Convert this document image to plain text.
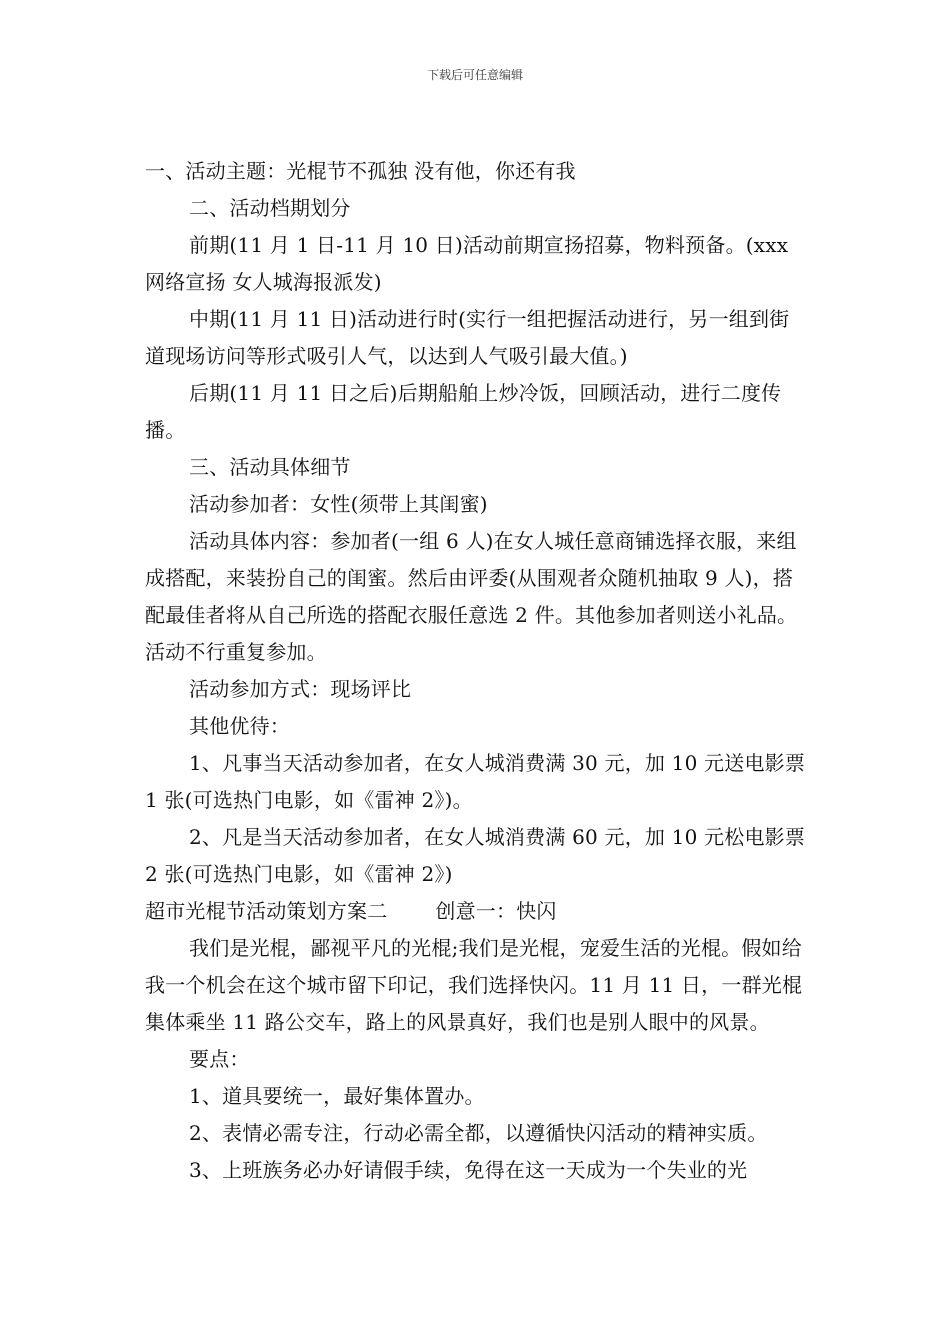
下载后可任意编辑

一、活动主题：光棍节不孤独 没有他，你还有我

二、活动档期划分

前期(11 月 1 日-11 月 10 日)活动前期宣扬招募，物料预备。(xxx 网络宣扬 女人城海报派发)

中期(11 月 11 日)活动进行时(实行一组把握活动进行，另一组到街道现场访问等形式吸引人气，以达到人气吸引最大值。)

后期(11 月 11 日之后)后期船舶上炒冷饭，回顾活动，进行二度传播。

三、活动具体细节

活动参加者：女性(须带上其闺蜜)

活动具体内容：参加者(一组 6 人)在女人城任意商铺选择衣服，来组成搭配，来装扮自己的闺蜜。然后由评委(从围观者众随机抽取 9 人)，搭配最佳者将从自己所选的搭配衣服任意选 2 件。其他参加者则送小礼品。活动不行重复参加。

活动参加方式：现场评比

其他优待：

1、凡事当天活动参加者，在女人城消费满 30 元，加 10 元送电影票 1 张(可选热门电影，如《雷神 2》)。

2、凡是当天活动参加者，在女人城消费满 60 元，加 10 元松电影票 2 张(可选热门电影，如《雷神 2》)

超市光棍节活动策划方案二 创意一：快闪

我们是光棍，鄙视平凡的光棍;我们是光棍，宠爱生活的光棍。假如给我一个机会在这个城市留下印记，我们选择快闪。11 月 11 日，一群光棍集体乘坐 11 路公交车，路上的风景真好，我们也是别人眼中的风景。

要点：

1、道具要统一，最好集体置办。

2、表情必需专注，行动必需全都，以遵循快闪活动的精神实质。

3、上班族务必办好请假手续，免得在这一天成为一个失业的光
